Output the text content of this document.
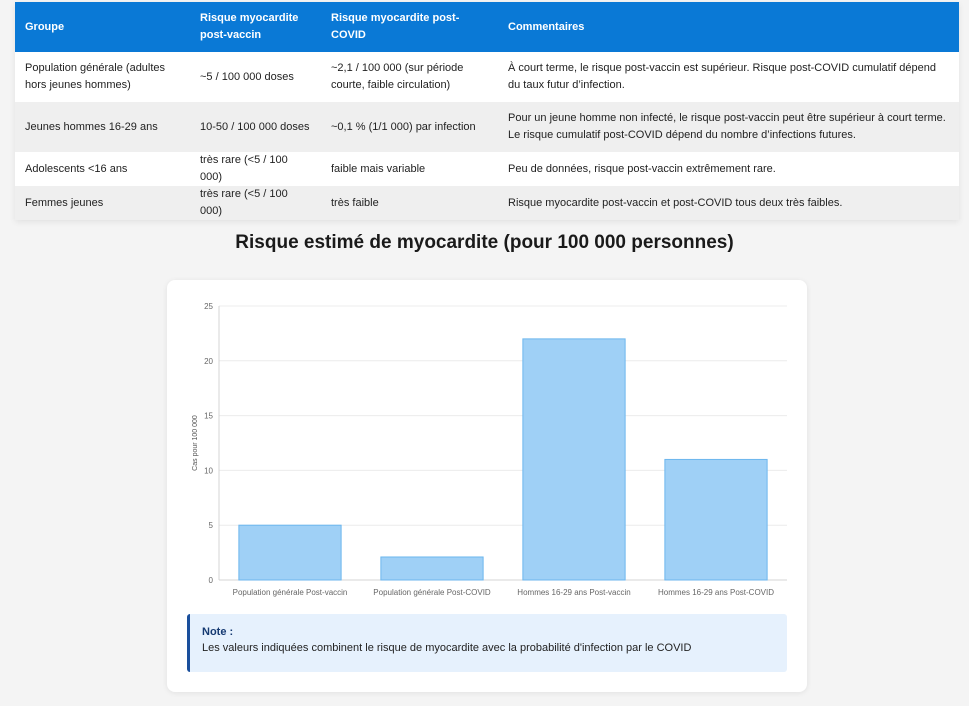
Groupe	Risque myocardite post-vaccin	Risque myocardite post-COVID	Commentaires
Population générale (adultes hors jeunes hommes)	~5 / 100 000 doses	~2,1 / 100 000 (sur période courte, faible circulation)	À court terme, le risque post-vaccin est supérieur. Risque post-COVID cumulatif dépend du taux futur d’infection.
Jeunes hommes 16-29 ans	10-50 / 100 000 doses	~0,1 % (1/1 000) par infection	Pour un jeune homme non infecté, le risque post-vaccin peut être supérieur à court terme. Le risque cumulatif post-COVID dépend du nombre d’infections futures.
Adolescents <16 ans	très rare (<5 / 100 000)	faible mais variable	Peu de données, risque post-vaccin extrêmement rare.
Femmes jeunes	très rare (<5 / 100 000)	très faible	Risque myocardite post-vaccin et post-COVID tous deux très faibles.
Risque estimé de myocardite (pour 100 000 personnes)
0
5
10
15
20
25
Cas pour 100 000
Population générale Post-vaccin	Population générale Post-COVID	Hommes 16-29 ans Post-vaccin	Hommes 16-29 ans Post-COVID
Note :
Les valeurs indiquées combinent le risque de myocardite avec la probabilité d'infection par le COVID
